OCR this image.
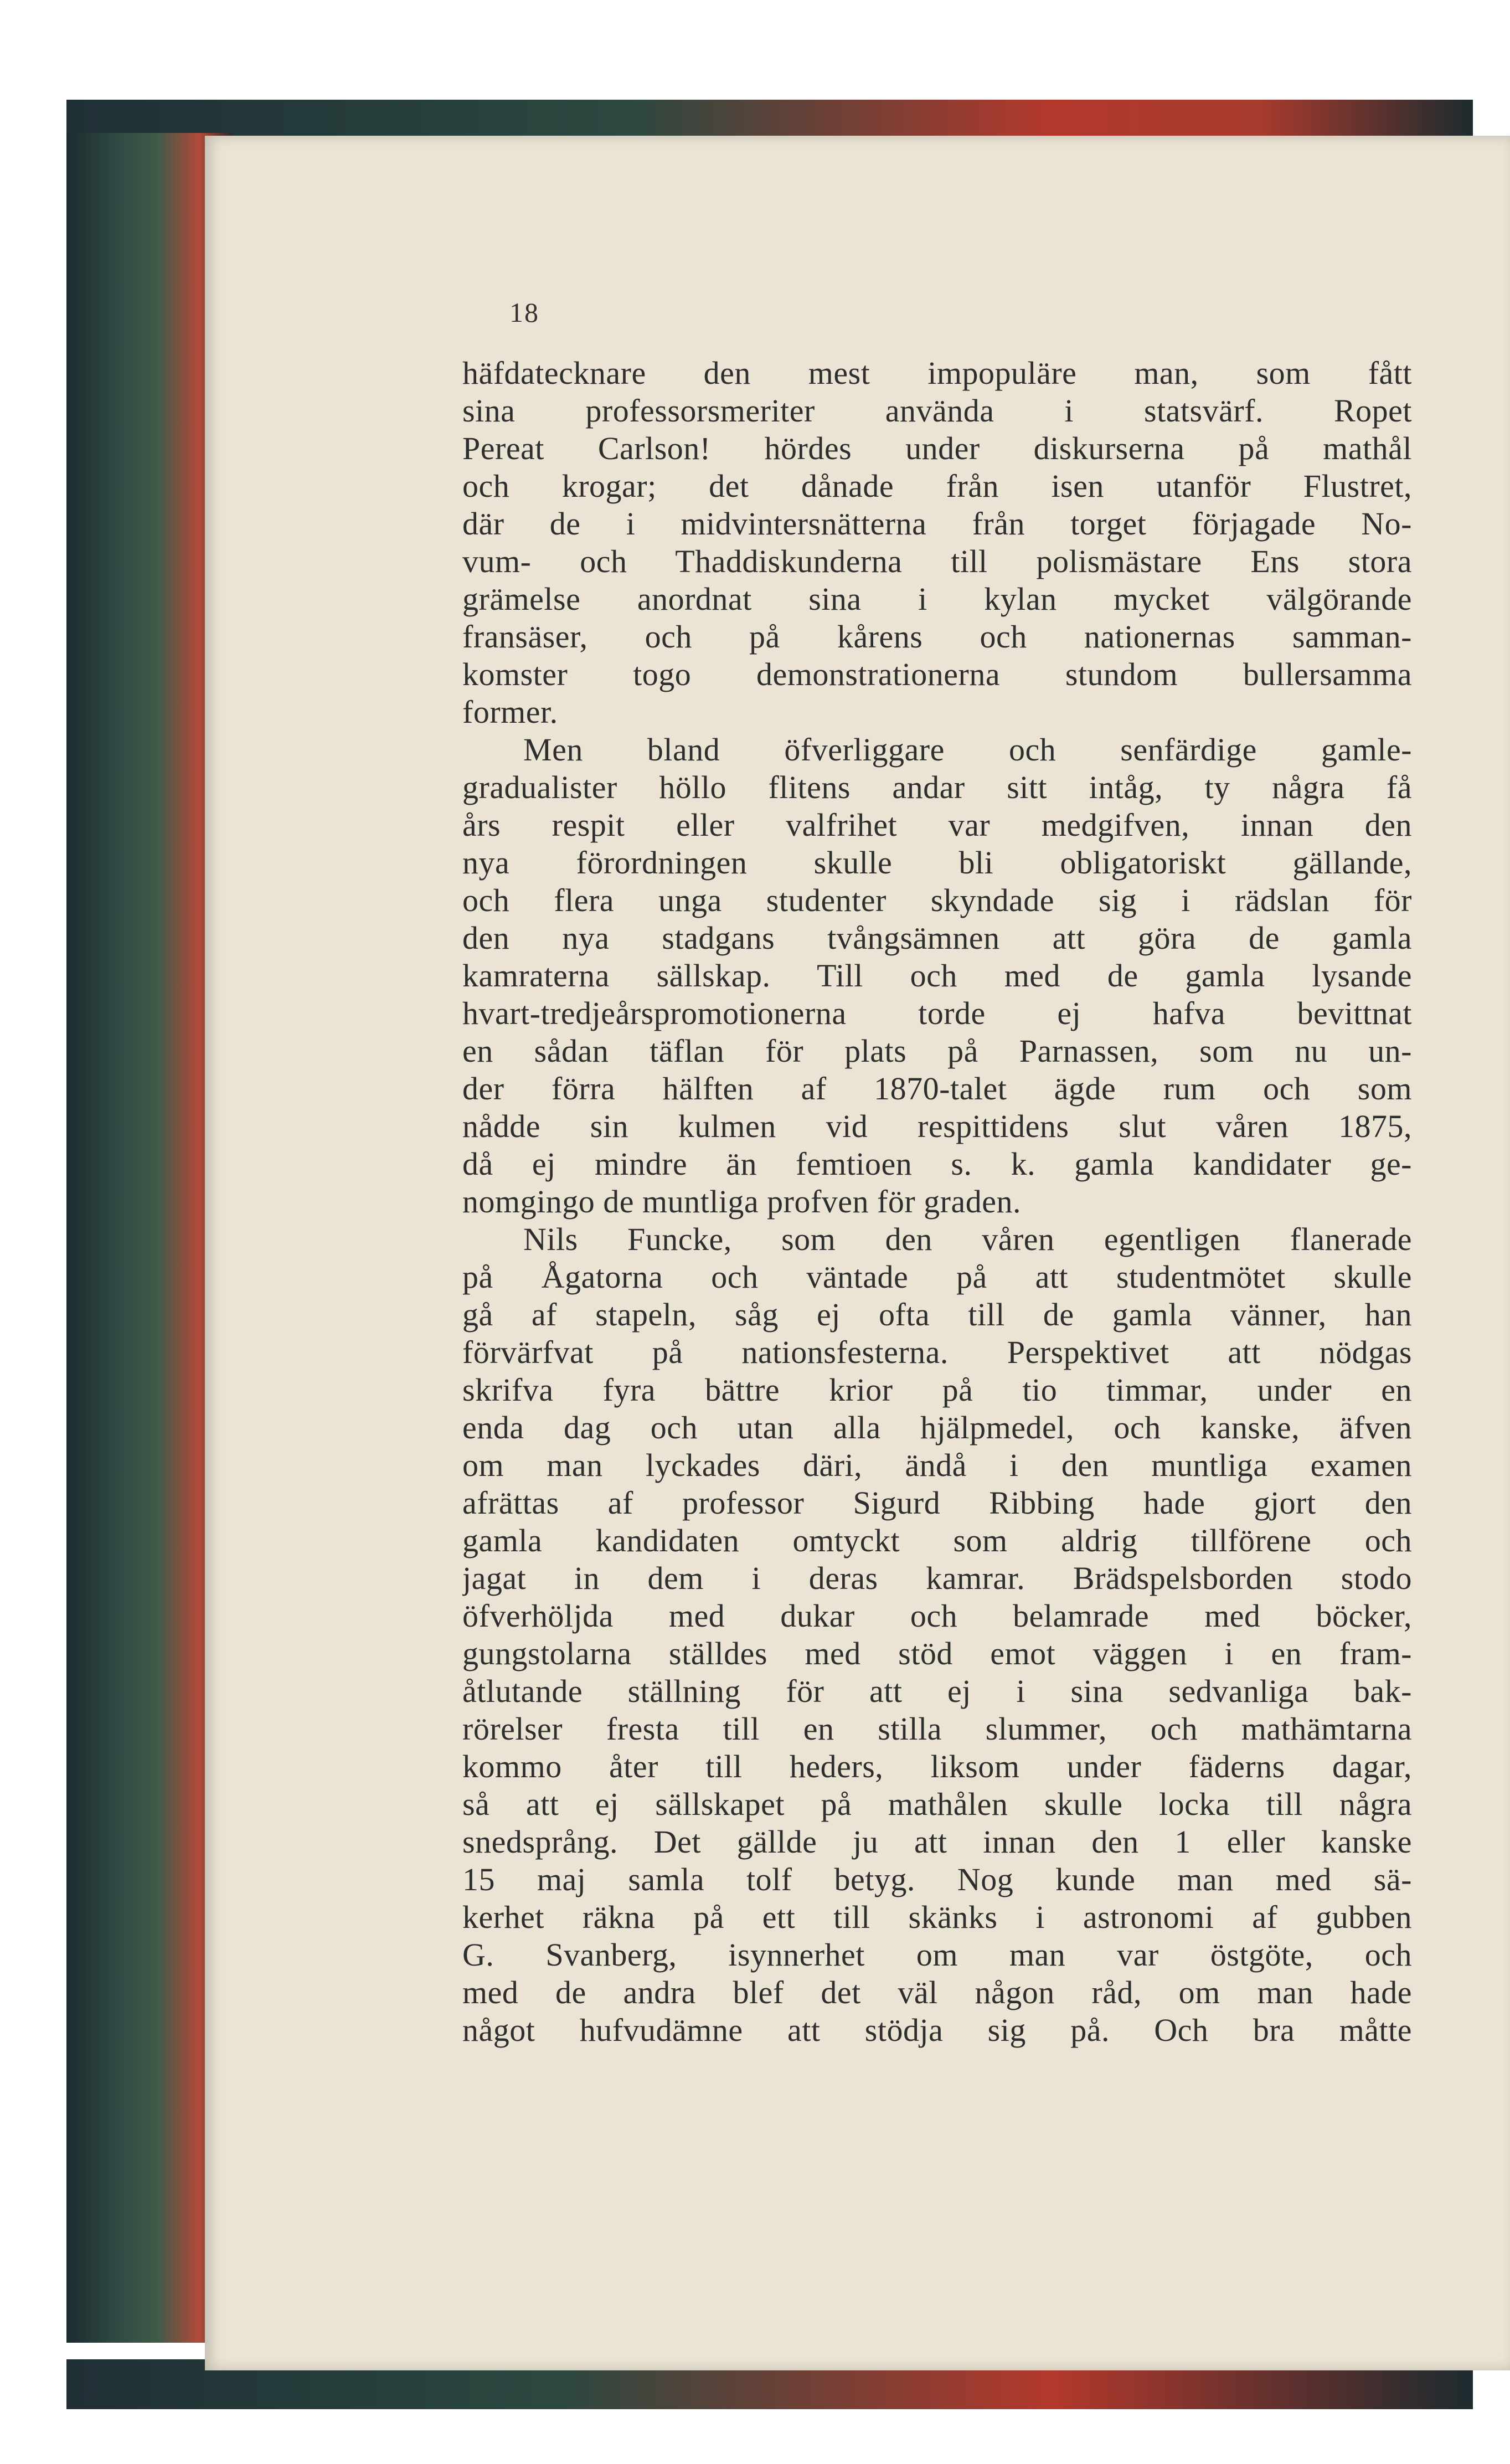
18
häfdatecknare den mest impopuläre man, som fått
sina professorsmeriter använda i statsvärf. Ropet
Pereat Carlson! hördes under diskurserna på mathål
och krogar; det dånade från isen utanför Flustret,
där de i midvintersnätterna från torget förjagade No-
vum- och Thaddiskunderna till polismästare Ens stora
grämelse anordnat sina i kylan mycket välgörande
fransäser, och på kårens och nationernas samman-
komster togo demonstrationerna stundom bullersamma
former.
Men bland öfverliggare och senfärdige gamle-
gradualister höllo flitens andar sitt intåg, ty några få
års respit eller valfrihet var medgifven, innan den
nya förordningen skulle bli obligatoriskt gällande,
och flera unga studenter skyndade sig i rädslan för
den nya stadgans tvångsämnen att göra de gamla
kamraterna sällskap. Till och med de gamla lysande
hvart-tredjeårspromotionerna torde ej hafva bevittnat
en sådan täflan för plats på Parnassen, som nu un-
der förra hälften af 1870-talet ägde rum och som
nådde sin kulmen vid respittidens slut våren 1875,
då ej mindre än femtioen s. k. gamla kandidater ge-
nomgingo de muntliga profven för graden.
Nils Funcke, som den våren egentligen flanerade
på Ågatorna och väntade på att studentmötet skulle
gå af stapeln, såg ej ofta till de gamla vänner, han
förvärfvat på nationsfesterna. Perspektivet att nödgas
skrifva fyra bättre krior på tio timmar, under en
enda dag och utan alla hjälpmedel, och kanske, äfven
om man lyckades däri, ändå i den muntliga examen
afrättas af professor Sigurd Ribbing hade gjort den
gamla kandidaten omtyckt som aldrig tillförene och
jagat in dem i deras kamrar. Brädspelsborden stodo
öfverhöljda med dukar och belamrade med böcker,
gungstolarna ställdes med stöd emot väggen i en fram-
åtlutande ställning för att ej i sina sedvanliga bak-
rörelser fresta till en stilla slummer, och mathämtarna
kommo åter till heders, liksom under fäderns dagar,
så att ej sällskapet på mathålen skulle locka till några
snedsprång. Det gällde ju att innan den 1 eller kanske
15 maj samla tolf betyg. Nog kunde man med sä-
kerhet räkna på ett till skänks i astronomi af gubben
G. Svanberg, isynnerhet om man var östgöte, och
med de andra blef det väl någon råd, om man hade
något hufvudämne att stödja sig på. Och bra måtte
